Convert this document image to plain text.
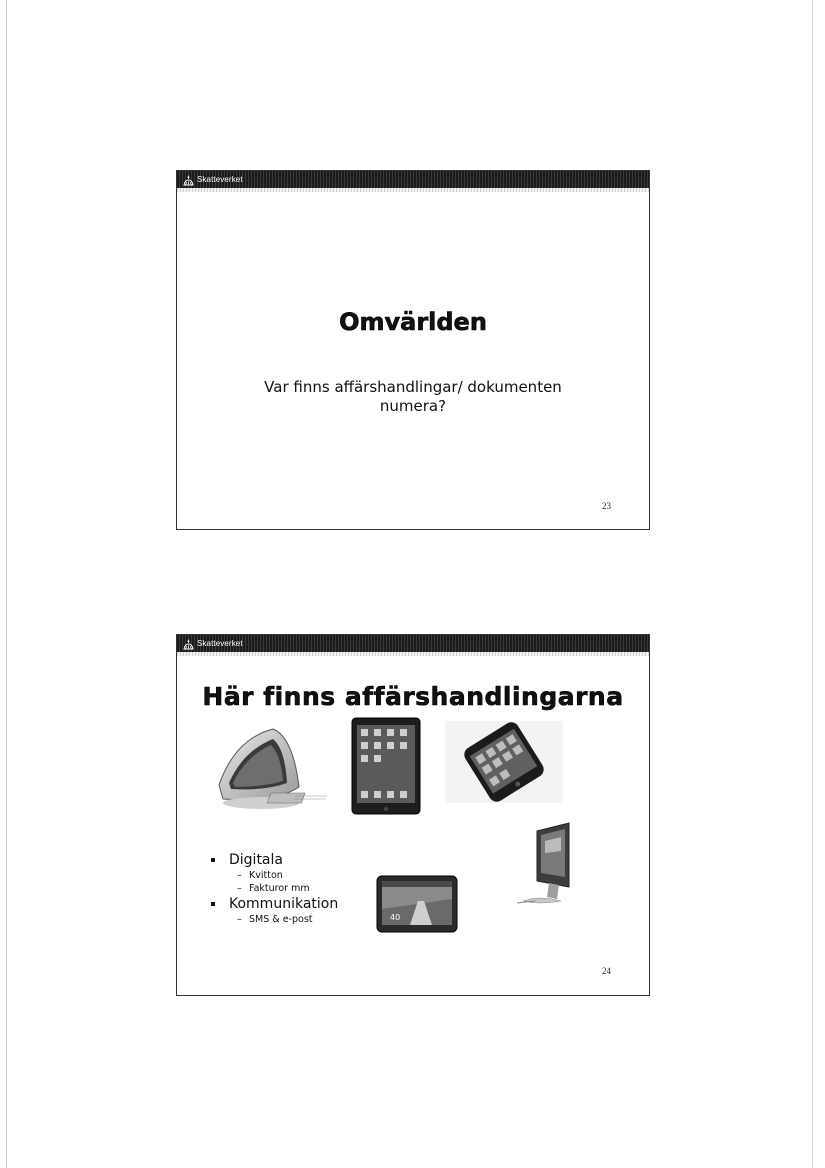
Skatteverket
Omvärlden
Var finns affärshandlingar/ dokumenten
numera?
23
Skatteverket
Här finns affärshandlingarna
40
Digitala
– Kvitton
– Fakturor mm
Kommunikation
– SMS & e-post
24
